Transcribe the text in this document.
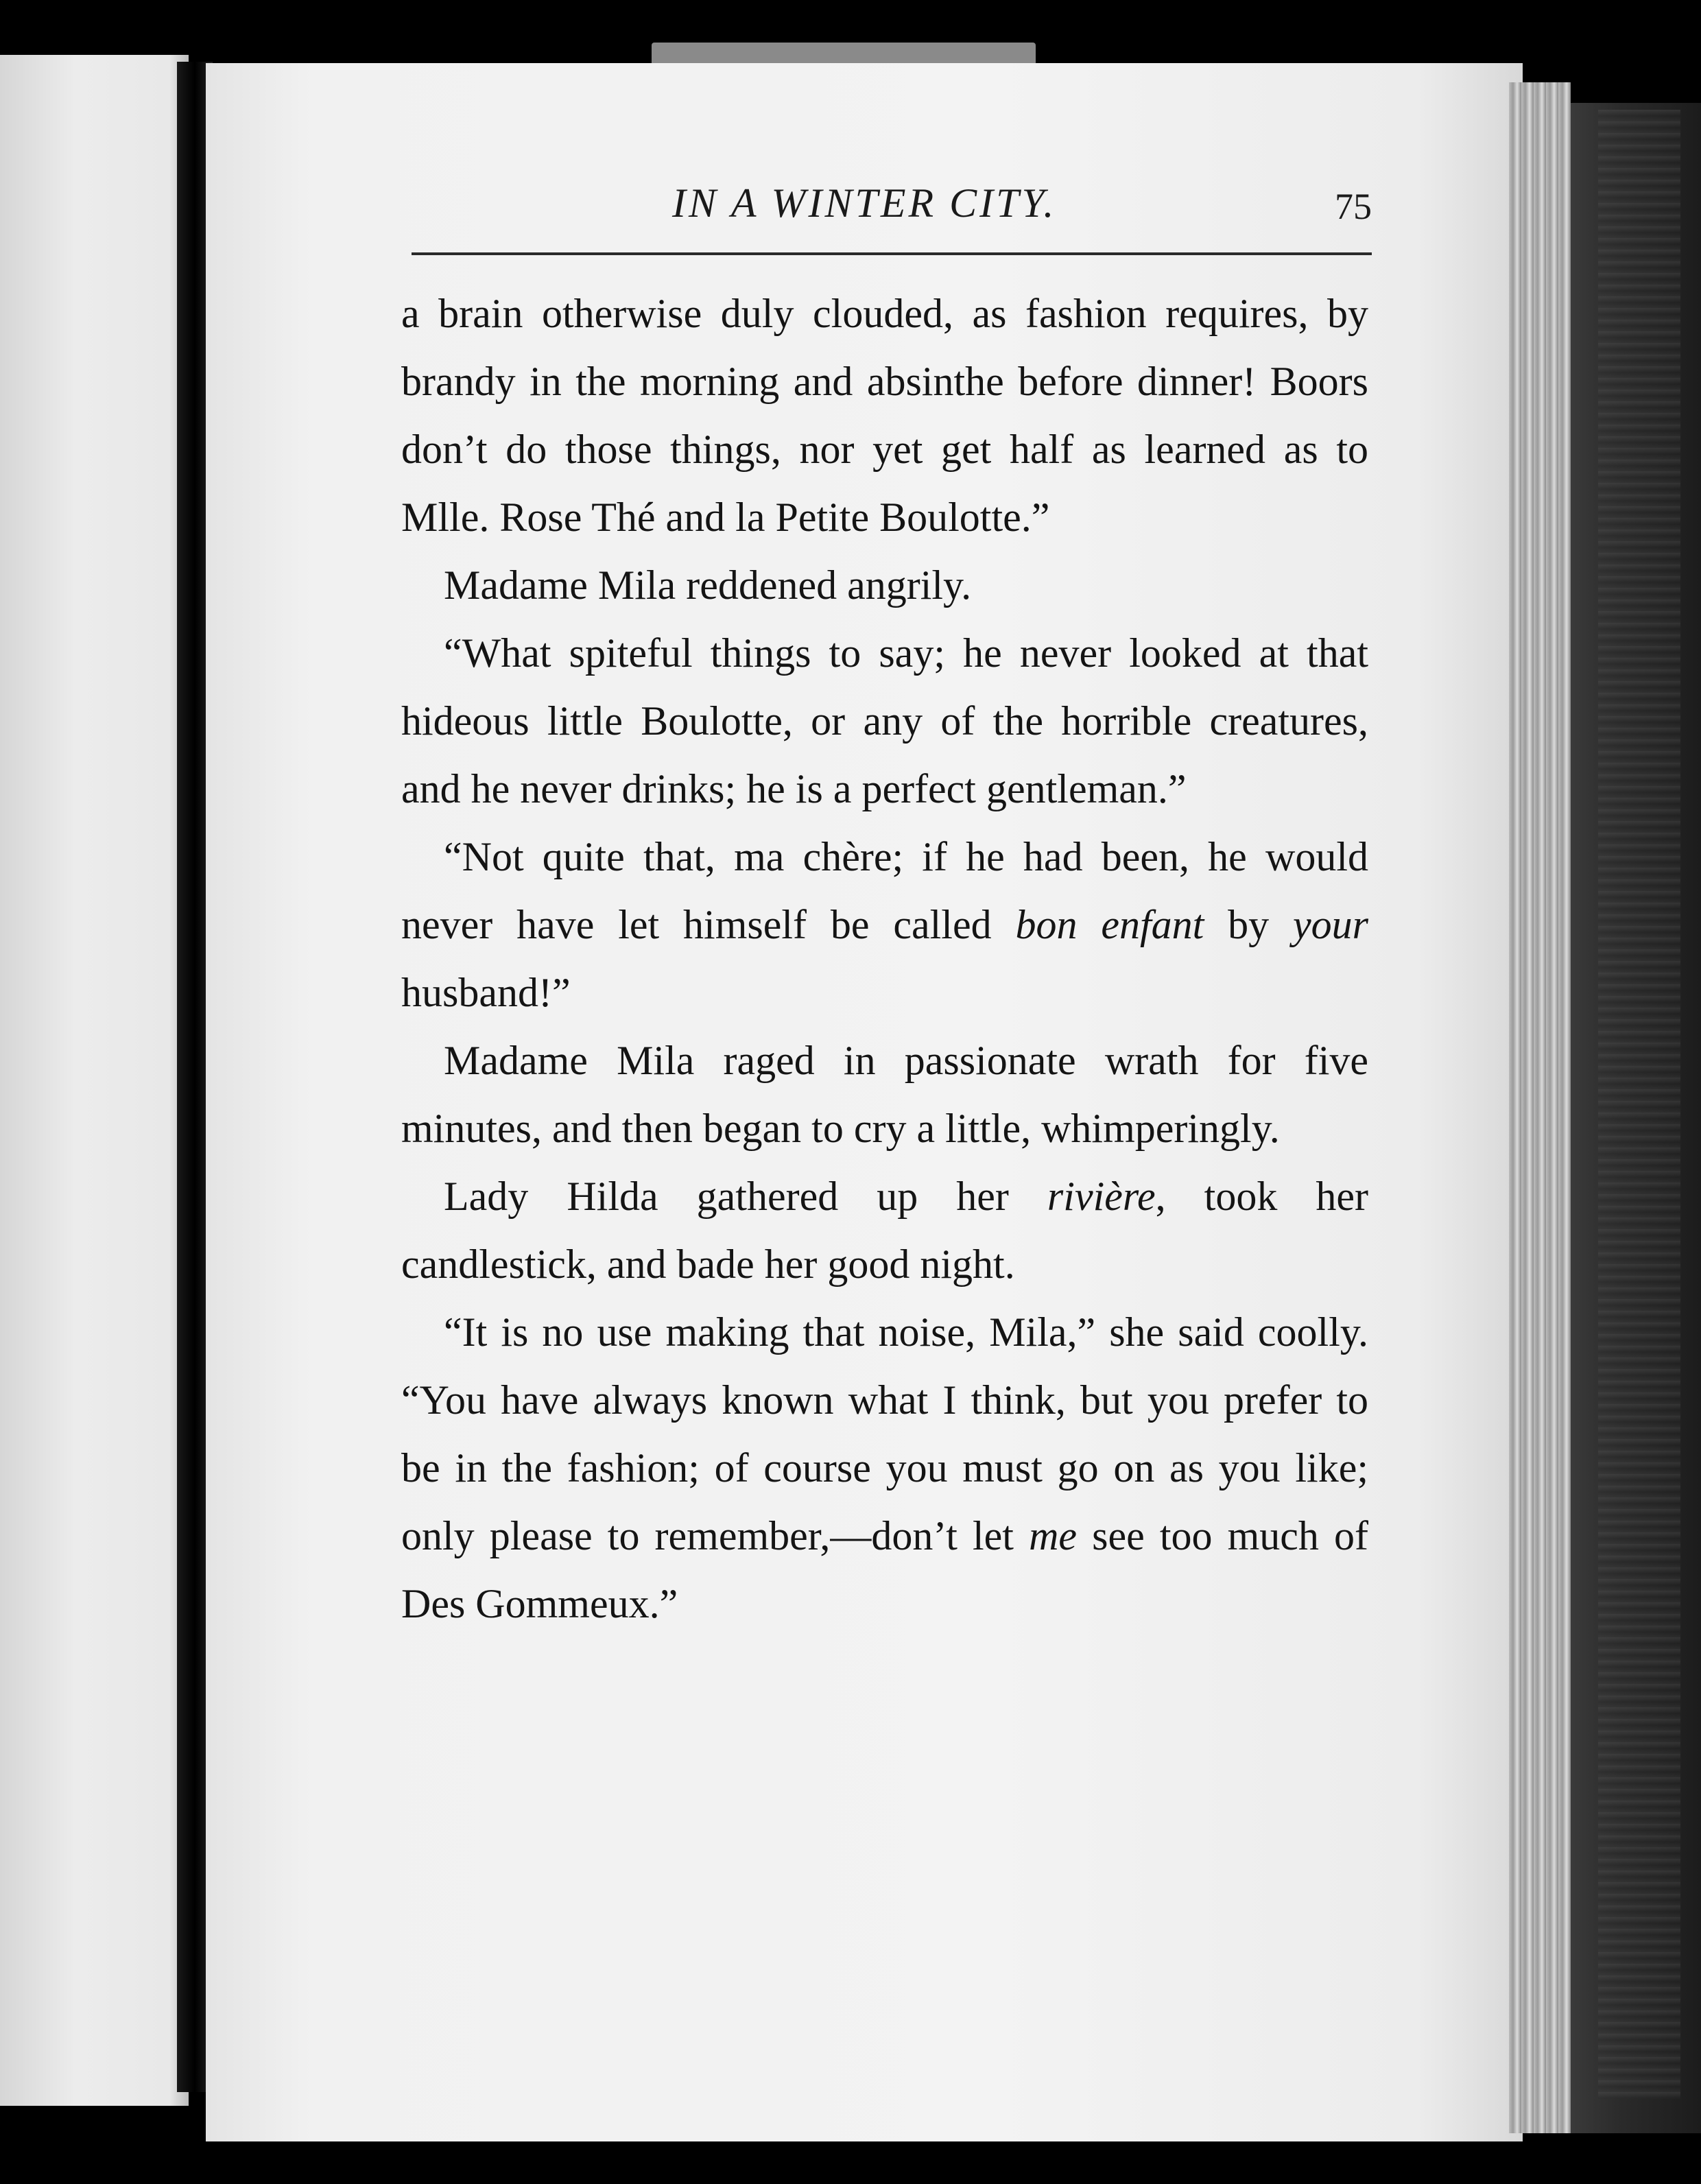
IN A WINTER CITY.	75

a brain otherwise duly clouded, as fashion requires, by brandy in the morning and absinthe before dinner! Boors don’t do those things, nor yet get half as learned as to Mlle. Rose Thé and la Petite Boulotte.”

Madame Mila reddened angrily.

“What spiteful things to say; he never looked at that hideous little Boulotte, or any of the horrible creatures, and he never drinks; he is a perfect gentleman.”

“Not quite that, ma chère; if he had been, he would never have let himself be called bon enfant by your husband!”

Madame Mila raged in passionate wrath for five minutes, and then began to cry a little, whimperingly.

Lady Hilda gathered up her rivière, took her candlestick, and bade her good night.

“It is no use making that noise, Mila,” she said coolly. “You have always known what I think, but you prefer to be in the fashion; of course you must go on as you like; only please to remember,—don’t let me see too much of Des Gommeux.”
